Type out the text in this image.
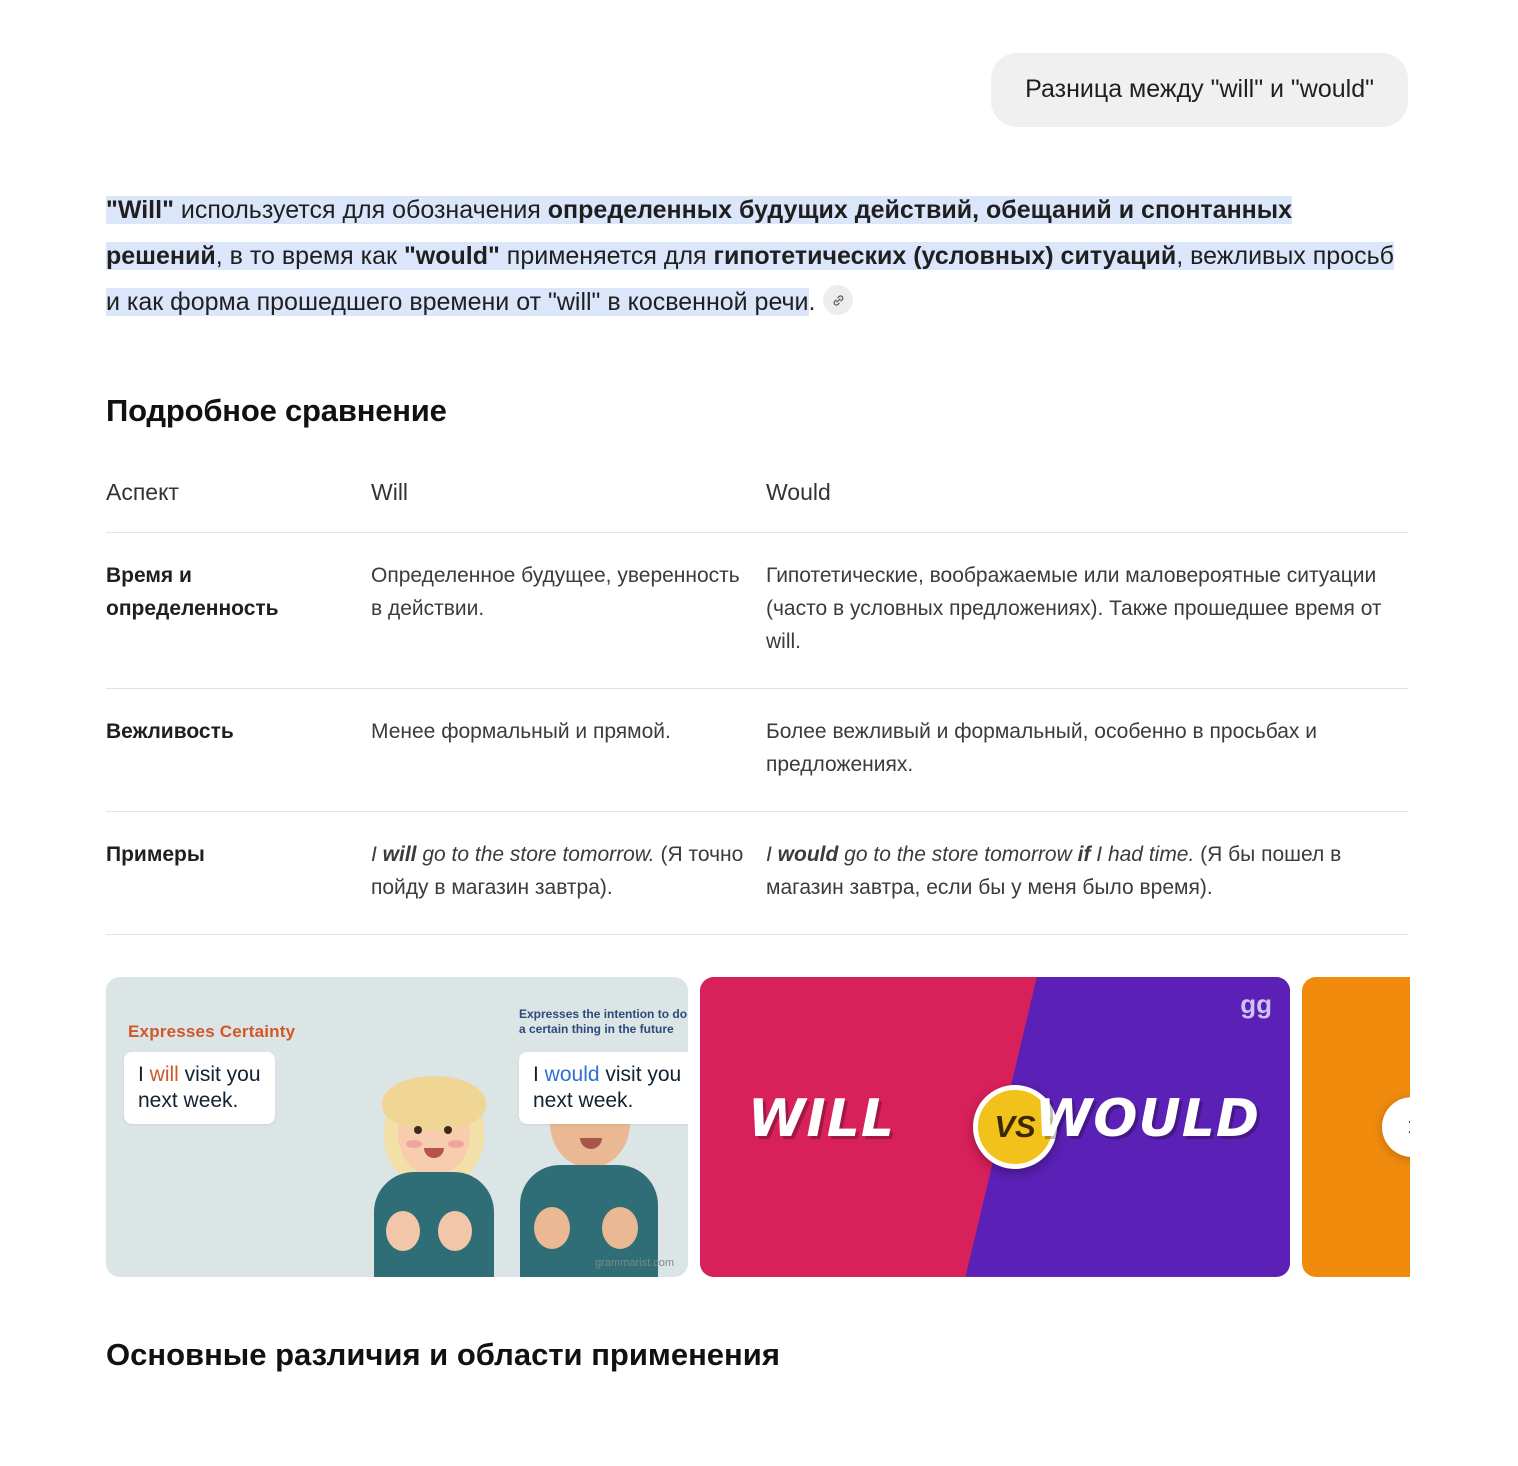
Разница между "will" и "would"
"Will" используется для обозначения определенных будущих действий, обещаний и спонтанных решений, в то время как "would" применяется для гипотетических (условных) ситуаций, вежливых просьб и как форма прошедшего времени от "will" в косвенной речи.
Подробное сравнение
Аспект	Will	Would
Время и определенность	Определенное будущее, уверенность в действии.	Гипотетические, воображаемые или маловероятные ситуации (часто в условных предложениях). Также прошедшее время от will.
Вежливость	Менее формальный и прямой.	Более вежливый и формальный, особенно в просьбах и предложениях.
Примеры	I will go to the store tomorrow. (Я точно пойду в магазин завтра).	I would go to the store tomorrow if I had time. (Я бы пошел в магазин завтра, если бы у меня было время).
Expresses Certainty
I will visit you
next week.
Expresses the intention to do a certain thing in the future
I would visit you
next week.
grammarist.com
WILL	VS WOULD
gg
Основные различия и области применения
